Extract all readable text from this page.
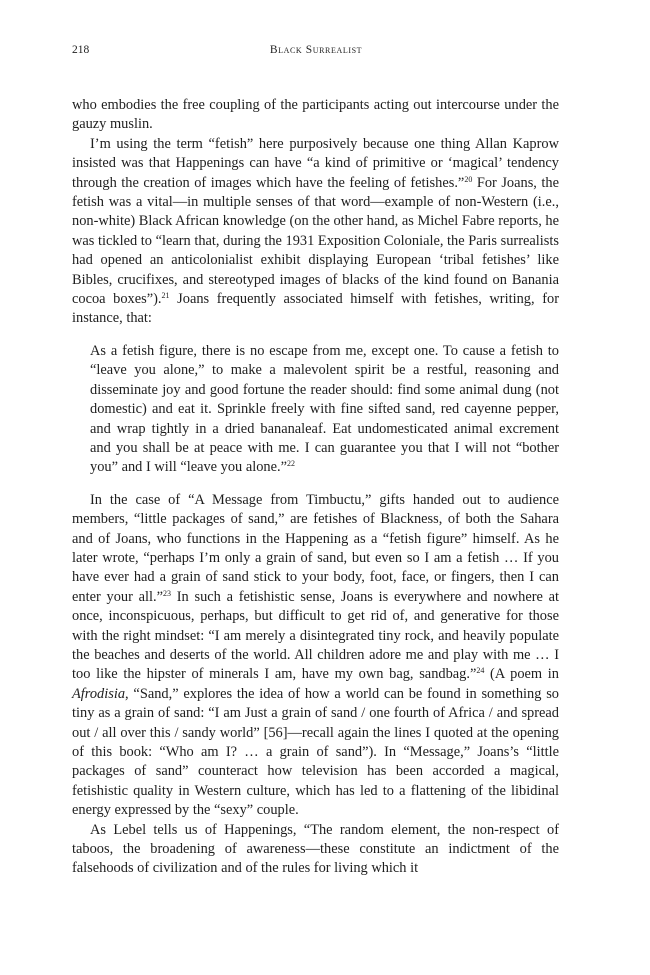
218	Black Surrealist

who embodies the free coupling of the participants acting out intercourse under the gauzy muslin.

I’m using the term “fetish” here purposively because one thing Allan Kaprow insisted was that Happenings can have “a kind of primitive or ‘magical’ tendency through the creation of images which have the feeling of fetishes.”$^{20}$ For Joans, the fetish was a vital—in multiple senses of that word—example of non-Western (i.e., non-white) Black African knowledge (on the other hand, as Michel Fabre reports, he was tickled to “learn that, during the 1931 Exposition Coloniale, the Paris surrealists had opened an anticolonialist exhibit displaying European ‘tribal fetishes’ like Bibles, crucifixes, and stereotyped images of blacks of the kind found on Banania cocoa boxes”).$^{21}$ Joans frequently associated himself with fetishes, writing, for instance, that:

As a fetish figure, there is no escape from me, except one. To cause a fetish to “leave you alone,” to make a malevolent spirit be a restful, reasoning and disseminate joy and good fortune the reader should: find some animal dung (not domestic) and eat it. Sprinkle freely with fine sifted sand, red cayenne pepper, and wrap tightly in a dried bananaleaf. Eat undomesticated animal excrement and you shall be at peace with me. I can guarantee you that I will not “bother you” and I will “leave you alone.”$^{22}$

In the case of “A Message from Timbuctu,” gifts handed out to audience members, “little packages of sand,” are fetishes of Blackness, of both the Sahara and of Joans, who functions in the Happening as a “fetish figure” himself. As he later wrote, “perhaps I’m only a grain of sand, but even so I am a fetish … If you have ever had a grain of sand stick to your body, foot, face, or fingers, then I can enter your all.”$^{23}$ In such a fetishistic sense, Joans is everywhere and nowhere at once, inconspicuous, perhaps, but difficult to get rid of, and generative for those with the right mindset: “I am merely a disintegrated tiny rock, and heavily populate the beaches and deserts of the world. All children adore me and play with me … I too like the hipster of minerals I am, have my own bag, sandbag.”$^{24}$ (A poem in Afrodisia, “Sand,” explores the idea of how a world can be found in something so tiny as a grain of sand: “I am Just a grain of sand / one fourth of Africa / and spread out / all over this / sandy world” [56]—recall again the lines I quoted at the opening of this book: “Who am I? … a grain of sand”). In “Message,” Joans’s “little packages of sand” counteract how television has been accorded a magical, fetishistic quality in Western culture, which has led to a flattening of the libidinal energy expressed by the “sexy” couple.

As Lebel tells us of Happenings, “The random element, the non-respect of taboos, the broadening of awareness—these constitute an indictment of the falsehoods of civilization and of the rules for living which it
